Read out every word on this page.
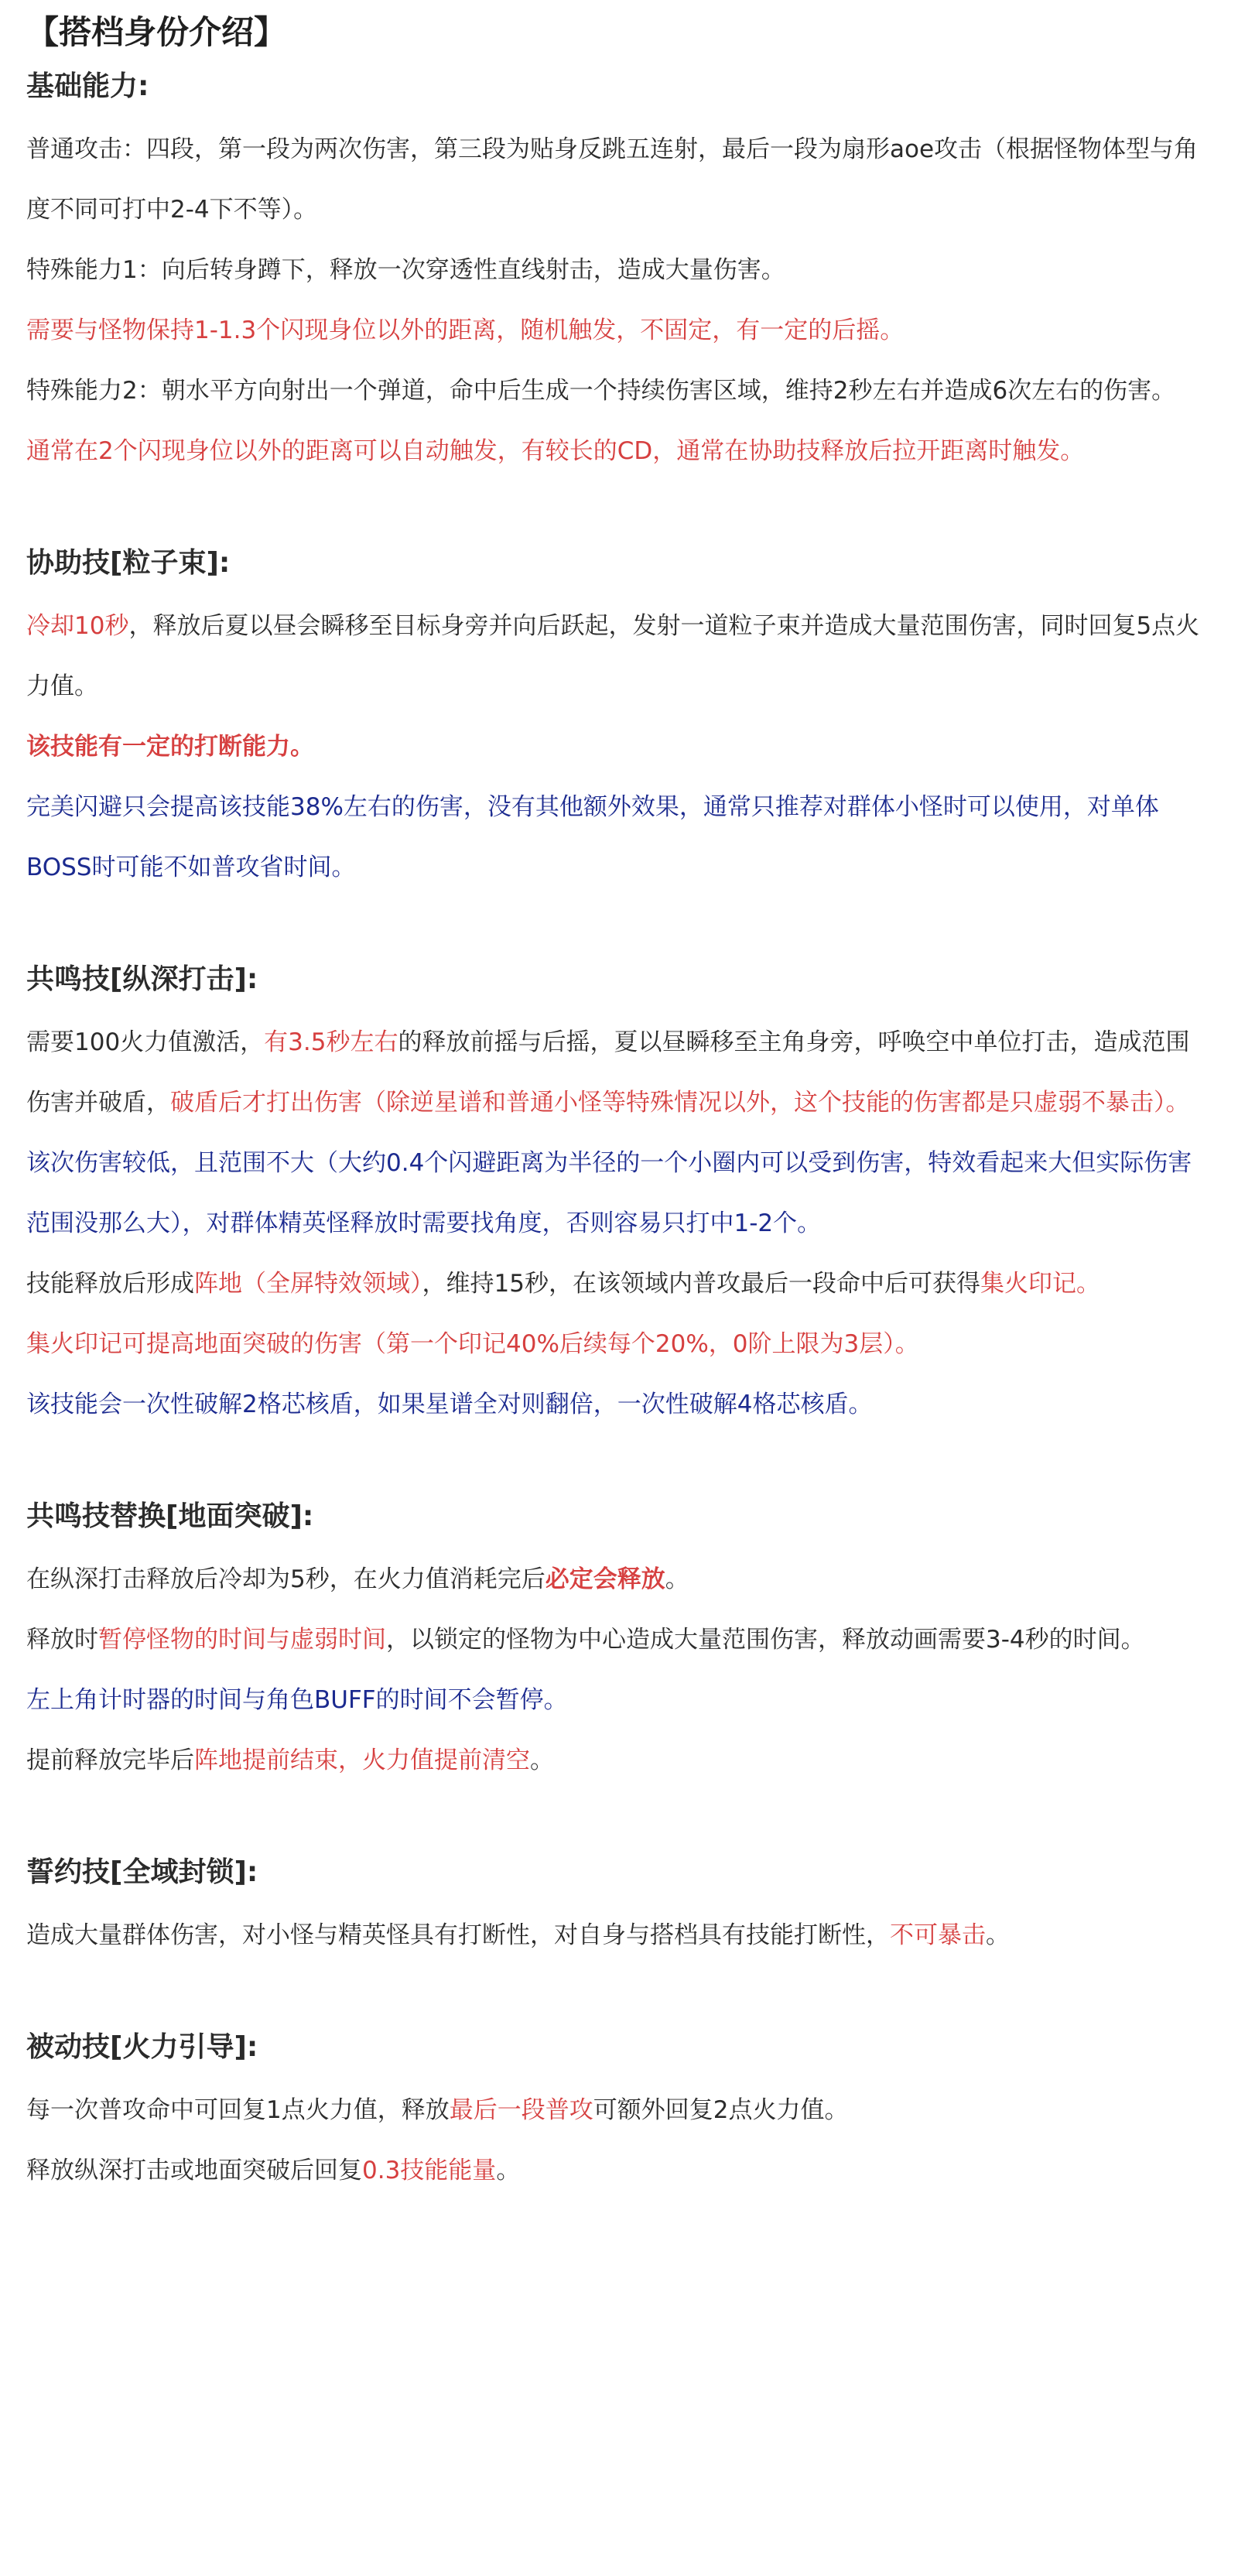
【搭档身份介绍】
基础能力:

普通攻击：四段，第一段为两次伤害，第三段为贴身反跳五连射，最后一段为扇形aoe攻击（根据怪物体型与角度不同可打中2-4下不等）。

特殊能力1：向后转身蹲下，释放一次穿透性直线射击，造成大量伤害。

需要与怪物保持1-1.3个闪现身位以外的距离，随机触发，不固定，有一定的后摇。

特殊能力2：朝水平方向射出一个弹道，命中后生成一个持续伤害区域，维持2秒左右并造成6次左右的伤害。

通常在2个闪现身位以外的距离可以自动触发，有较长的CD，通常在协助技释放后拉开距离时触发。

协助技[粒子束]:

冷却10秒，释放后夏以昼会瞬移至目标身旁并向后跃起，发射一道粒子束并造成大量范围伤害，同时回复5点火力值。

该技能有一定的打断能力。

完美闪避只会提高该技能38%左右的伤害，没有其他额外效果，通常只推荐对群体小怪时可以使用，对单体BOSS时可能不如普攻省时间。

共鸣技[纵深打击]:

需要100火力值激活，有3.5秒左右的释放前摇与后摇，夏以昼瞬移至主角身旁，呼唤空中单位打击，造成范围伤害并破盾，破盾后才打出伤害（除逆星谱和普通小怪等特殊情况以外，这个技能的伤害都是只虚弱不暴击）。

该次伤害较低，且范围不大（大约0.4个闪避距离为半径的一个小圈内可以受到伤害，特效看起来大但实际伤害范围没那么大），对群体精英怪释放时需要找角度，否则容易只打中1-2个。

技能释放后形成阵地（全屏特效领域），维持15秒，在该领域内普攻最后一段命中后可获得集火印记。

集火印记可提高地面突破的伤害（第一个印记40%后续每个20%，0阶上限为3层）。

该技能会一次性破解2格芯核盾，如果星谱全对则翻倍，一次性破解4格芯核盾。

共鸣技替换[地面突破]:

在纵深打击释放后冷却为5秒，在火力值消耗完后必定会释放。

释放时暂停怪物的时间与虚弱时间，以锁定的怪物为中心造成大量范围伤害，释放动画需要3-4秒的时间。

左上角计时器的时间与角色BUFF的时间不会暂停。

提前释放完毕后阵地提前结束，火力值提前清空。

誓约技[全域封锁]:

造成大量群体伤害，对小怪与精英怪具有打断性，对自身与搭档具有技能打断性，不可暴击。

被动技[火力引导]:

每一次普攻命中可回复1点火力值，释放最后一段普攻可额外回复2点火力值。

释放纵深打击或地面突破后回复0.3技能能量。
